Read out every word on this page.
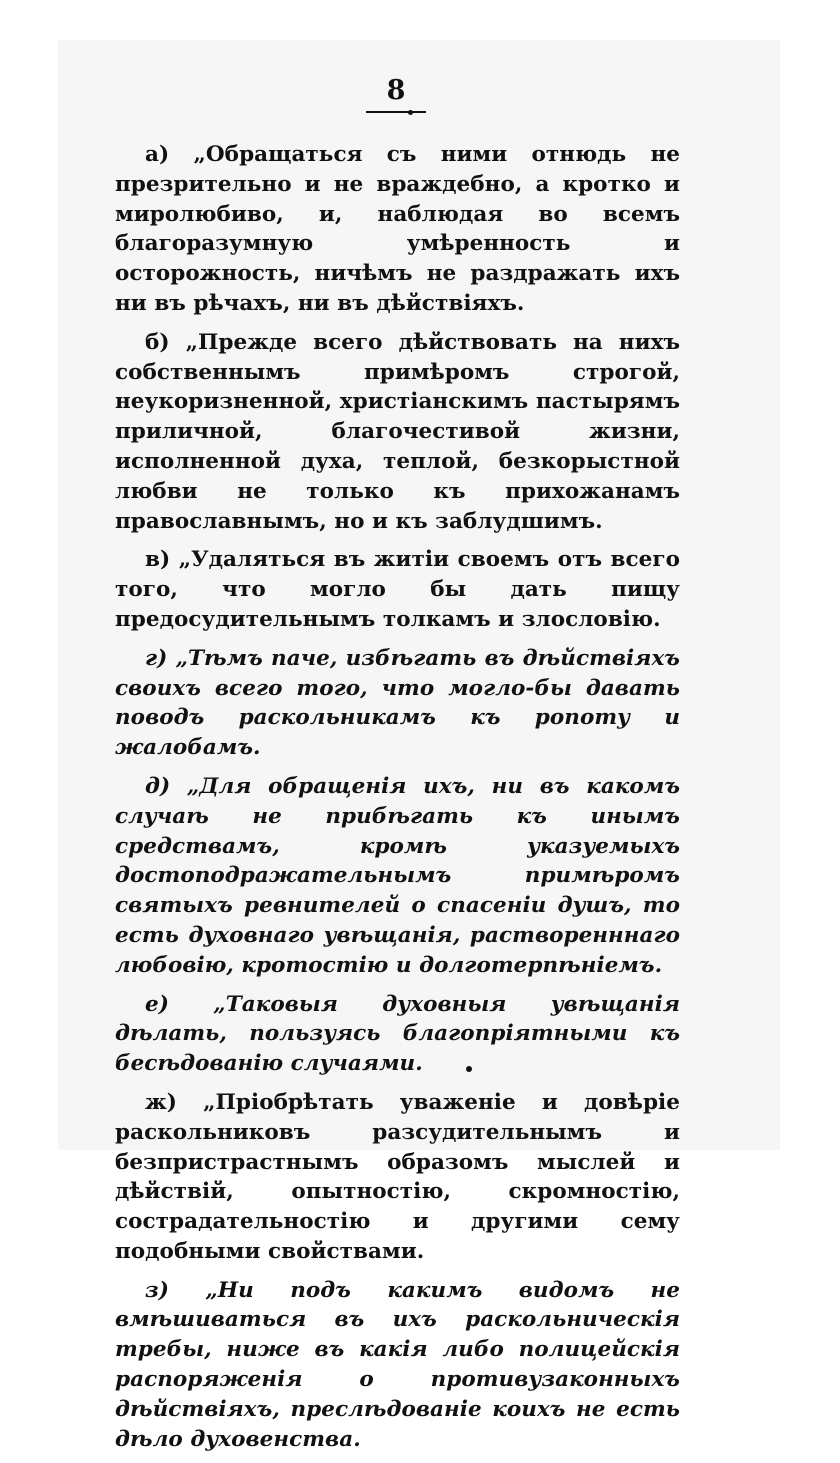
8

а) „Обращаться съ ними отнюдь не презрительно и не враждебно, а кротко и миролюбиво, и, наблюдая во всемъ благоразумную умѣренность и осторожность, ничѣмъ не раздражать ихъ ни въ рѣчахъ, ни въ дѣйствіяхъ.

б) „Прежде всего дѣйствовать на нихъ собственнымъ примѣромъ строгой, неукоризненной, христіанскимъ пастырямъ приличной, благочестивой жизни, исполненной духа, теплой, безкорыстной любви не только къ прихожанамъ православнымъ, но и къ заблудшимъ.

в) „Удаляться въ житіи своемъ отъ всего того, что могло бы дать пищу предосудительнымъ толкамъ и злословію.

г) „Тѣмъ паче, избѣгать въ дѣйствіяхъ своихъ всего того, что могло-бы давать поводъ раскольникамъ къ ропоту и жалобамъ.

д) „Для обращенія ихъ, ни въ какомъ случаѣ не прибѣгать къ инымъ средствамъ, кромѣ указуемыхъ достоподражательнымъ примѣромъ святыхъ ревнителей о спасеніи душъ, то есть духовнаго увѣщанія, растворенннаго любовію, кротостію и долготерпѣніемъ.

е) „Таковыя духовныя увѣщанія дѣлать, пользуясь благопріятными къ бесѣдованію случаями.

ж) „Пріобрѣтать уваженіе и довѣріе раскольниковъ разсудительнымъ и безпристрастнымъ образомъ мыслей и дѣйствій, опытностію, скромностію, сострадательностію и другими сему подобными свойствами.

з) „Ни подъ какимъ видомъ не вмѣшиваться въ ихъ раскольническія требы, ниже въ какія либо полицейскія распоряженія о противузаконныхъ дѣйствіяхъ, преслѣдованіе коихъ не есть дѣло духовенства.
